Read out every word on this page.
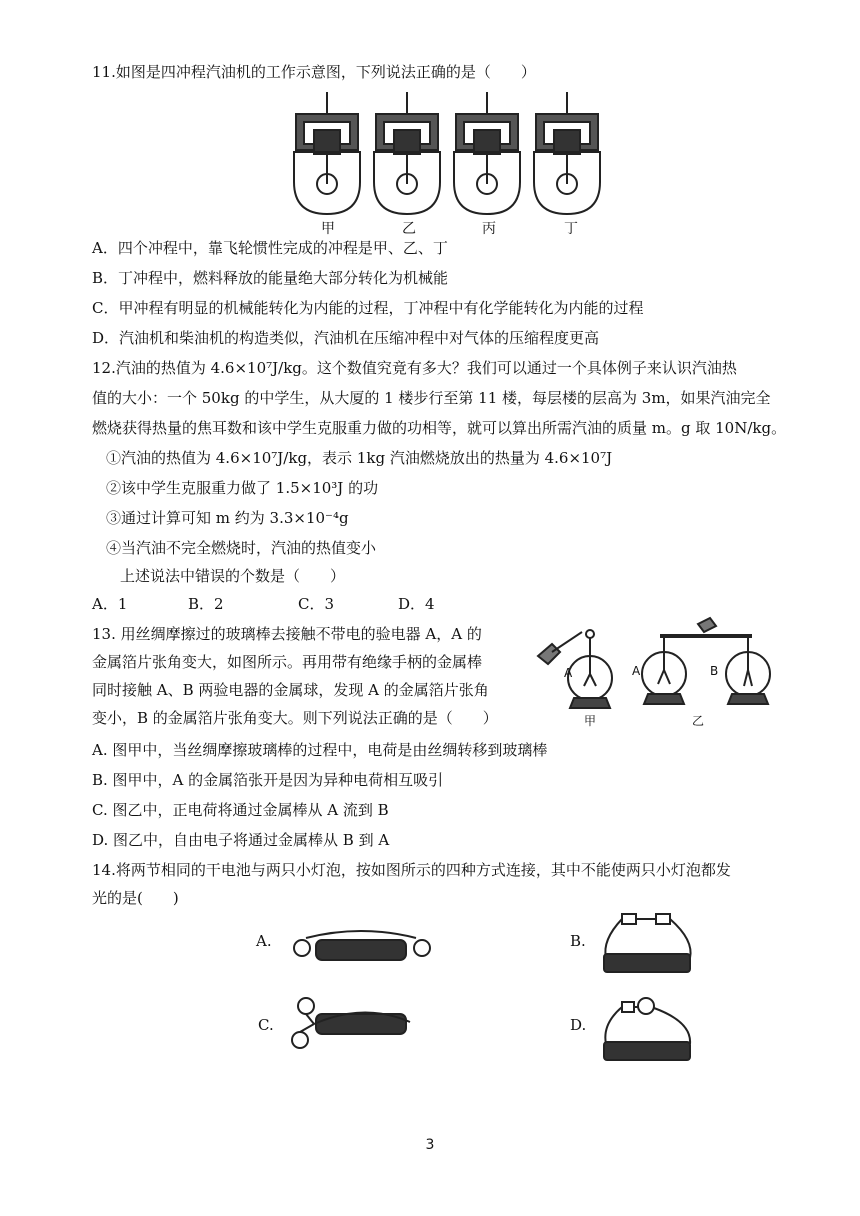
11.如图是四冲程汽油机的工作示意图，下列说法正确的是（　　）
甲	乙	丙	丁
A．四个冲程中，靠飞轮惯性完成的冲程是甲、乙、丁
B．丁冲程中，燃料释放的能量绝大部分转化为机械能
C．甲冲程有明显的机械能转化为内能的过程，丁冲程中有化学能转化为内能的过程
D．汽油机和柴油机的构造类似，汽油机在压缩冲程中对气体的压缩程度更高
12.汽油的热值为 4.6×10⁷J/kg。这个数值究竟有多大？我们可以通过一个具体例子来认识汽油热
值的大小：一个 50kg 的中学生，从大厦的 1 楼步行至第 11 楼，每层楼的层高为 3m，如果汽油完全
燃烧获得热量的焦耳数和该中学生克服重力做的功相等，就可以算出所需汽油的质量 m。g 取 10N/kg。
①汽油的热值为 4.6×10⁷J/kg，表示 1kg 汽油燃烧放出的热量为 4.6×10⁷J
②该中学生克服重力做了 1.5×10³J 的功
③通过计算可知 m 约为 3.3×10⁻⁴g
④当汽油不完全燃烧时，汽油的热值变小
上述说法中错误的个数是（　　）
A．1	B．2	C．3	D．4
13. 用丝绸摩擦过的玻璃棒去接触不带电的验电器 A，A 的
金属箔片张角变大，如图所示。再用带有绝缘手柄的金属棒
同时接触 A、B 两验电器的金属球，发现 A 的金属箔片张角
变小，B 的金属箔片张角变大。则下列说法正确的是（　　）
A	A	B
甲	乙
A. 图甲中，当丝绸摩擦玻璃棒的过程中，电荷是由丝绸转移到玻璃棒
B. 图甲中，A 的金属箔张开是因为异种电荷相互吸引
C. 图乙中，正电荷将通过金属棒从 A 流到 B
D. 图乙中，自由电子将通过金属棒从 B 到 A
14.将两节相同的干电池与两只小灯泡，按如图所示的四种方式连接，其中不能使两只小灯泡都发
光的是(　　)
A.	B.
C.	D.
3
